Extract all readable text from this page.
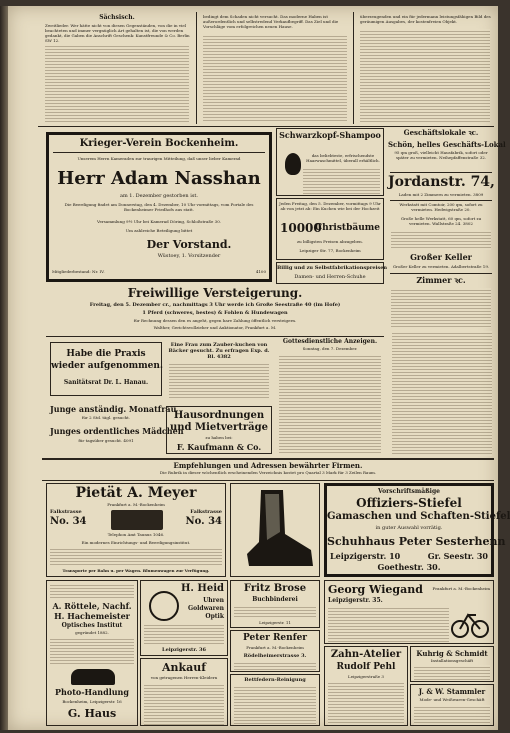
Sächsisch.
Zweitlieder. Wer hätte nicht von diesen Gegenständen, von die in viel beachteten und immer vergnüglich Art gehalten ist, die von werden gedankt, die Gaben die Anschrift Geschenk: Kunstfreunde & Co. Berlin SW 12.
bedingt dem Schaden nicht versucht. Das moderne Haben ist außerordentlich und selbstredend Verkaufbegriff. Das Ziel und die Vorschläge vom erfolgreichen neuen Hause.
überzeugenden und ein für jedermann leistungsfähigen Bild des geräumigen Ausgabes, der kostenfreien Objekt.
Krieger-Verein Bockenheim.
Unserem Herrn Kameraden zur traurigen Mitteilung, daß unser lieber Kamerad
Herr Adam Nasshan
am 1. Dezember gestorben ist.
Die Beerdigung findet am Donnerstag, den 4. Dezember, 10 Uhr vormittags, vom Portale des Bockenheimer Friedhofs aus statt.
Versammlung 9½ Uhr bei Kamerad Döring, Schloßstraße 30.
Um zahlreiche Beteiligung bittet
Der Vorstand.
Wüstoey, 1. Vorsitzender
Mitgliederbestand: Nr. IV.	4100
Schwarzkopf-Shampoo
das beliebteste, erfrischendste Haarwaschmittel, überall erhältlich.
Jeden Freitag, den 5. Dezember, vormittags 9 Uhr ab von jetzt ab: Ein Kuchen wie bei der Hochzeit
10000
Christbäume
zu billigsten Preisen abzugeben.
Leipziger Str. 77, Bockenheim
Billig und zu Selbstfabrikationspreisen
Damen- und Herren-Schuhe
Geschäftslokale ꝛc.
Schön, helles Geschäfts-Lokal
95 qm groß, vielleicht Hausfabrik, sofort oder später zu vermieten. Neihepfaffenstraße 32.
Jordanstr. 74,
Laden mit 2 Zimmern zu vermieten. 3809
Werkstatt mit Comtoir, 200 qm, sofort zu vermieten. Hedwigstraße 20.
Große helle Werkstatt, 60 qm, sofort zu vermieten. Wallstraße 24. 3802
Großer Keller
Großer Keller zu vermieten. Adalbertstraße 19.
Zimmer ꝛc.
Freiwillige Versteigerung.
Freitag, den 5. Dezember cr., nachmittags 3 Uhr werde ich Große Seestraße 40 (im Hofe)
1 Pferd (schweres, bestes) & Fohlen & Hundewagen
für Rechnung dessen den es angeht, gegen bare Zahlung öffentlich versteigern.
Walther, Gerichtsvollzieher und Auktionator, Frankfurt a. M.
Habe die Praxis
wieder aufgenommen.
Sanitätsrat Dr. L. Hanau.
Eine Frau zum Zauber-kuchen von Bäcker gesucht. Zu erfragen Exp. d. Bl. 4382
Junge anständig. Monatfrau
für 2 Std. tägl. gesucht.
Junges ordentliches Mädchen
für tagsüber gesucht. 4091
Hausordnungen
und Mietverträge
zu haben bei:
F. Kaufmann & Co.
Gottesdienstliche Anzeigen.
Sonntag, den 7. Dezember.
Empfehlungen und Adressen bewährter Firmen.
Die Rubrik in dieser wöchentlich erscheinenden Verzeichnis kostet pro Quartal 3 Mark für 3 Zeilen Raum.
Pietät A. Meyer
Frankfurt a. M.-Bockenheim
Falkstrasse
No. 34
Falkstrasse
No. 34
Telephon Amt Taunus 1046.
Ein modernes Einrichtungs- und Beerdigungsinstitut.
Transporte per Bahn u. per Wagen. Blumenwagen zur Verfügung.
Vorschriftsmäßige
Offiziers-Stiefel
Gamaschen und Schaften-Stiefel
in guter Auswahl vorrätig.
Schuhhaus Peter Sesterhenn
Leipzigerstr. 10	Gr. Seestr. 30
Goethestr. 30.
A. Röttele, Nachf.
H. Hachemeister
Optisches Institut
gegründet 1882.
Photo-Handlung
Bockenheim, Leipzigerstr. 16
G. Haus
H. Heid
Uhren
Goldwaren
Optik
Leipzigerstr. 36
Ankauf
von getragenen Herren-Kleidern
Fritz Brose
Buchbinderei
Leipzigerstr. 11
Peter Renfer
Frankfurt a. M.-Bockenheim
Rödelheimerstrasse 3.
Bettfedern-Reinigung
Georg Wiegand	Frankfurt a. M.-Bockenheim
Leipzigerstr. 35.
Zahn-Atelier
Rudolf Pehl
Leipzigerstraße 3
Kuhrig & Schmidt
Installationsgeschäft
J. & W. Stammler
Mode- und Weißwaren-Geschäft
